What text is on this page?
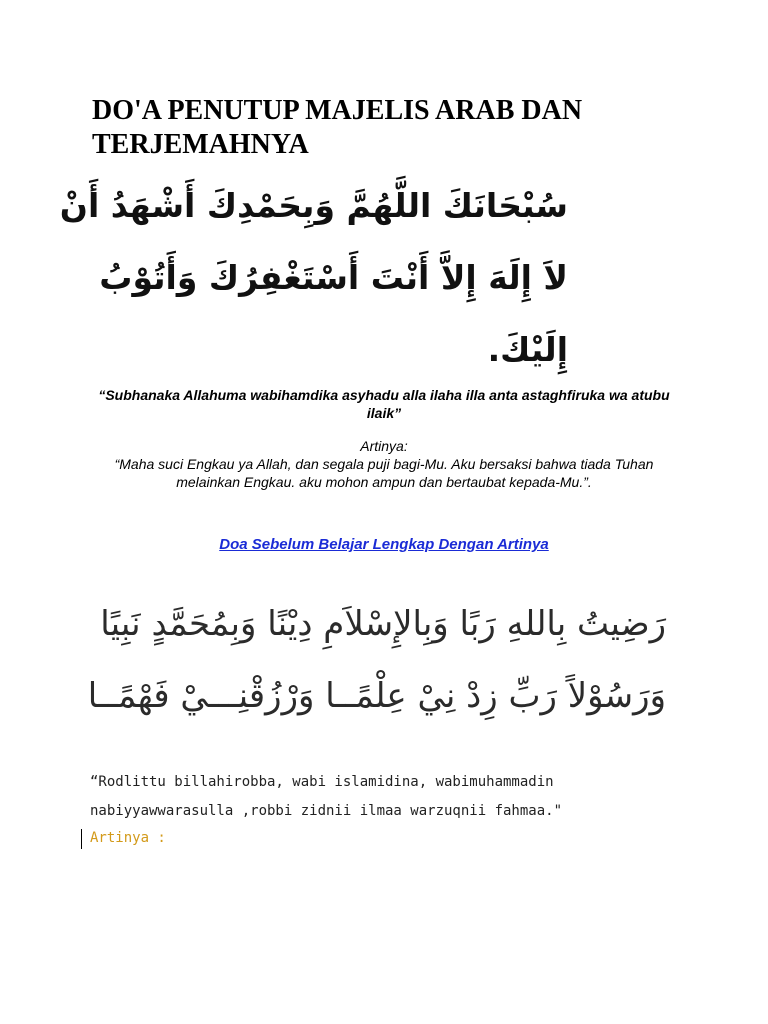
DO'A PENUTUP MAJELIS ARAB DAN TERJEMAHNYA
سُبْحَانَكَ اللَّهُمَّ وَبِحَمْدِكَ أَشْهَدُ أَنْ
لاَ إِلَهَ إِلاَّ أَنْتَ أَسْتَغْفِرُكَ وَأَتُوْبُ
إِلَيْكَ.
“Subhanaka Allahuma wabihamdika asyhadu alla ilaha illa anta astaghfiruka wa atubu ilaik”
Artinya:
“Maha suci Engkau ya Allah, dan segala puji bagi-Mu. Aku bersaksi bahwa tiada Tuhan melainkan Engkau. aku mohon ampun dan bertaubat kepada-Mu.”.
Doa Sebelum Belajar Lengkap Dengan Artinya
رَضِيتُ بِاللهِ رَبًا وَبِالإِسْلاَمِ دِيْنًا وَبِمُحَمَّدٍ نَبِيًا
وَرَسُوْلاً رَبِّ زِدْ نِيْ عِلْمًــا وَرْزُقْنِـــيْ فَهْمًــا
“Rodlittu billahirobba, wabi islamidina, wabimuhammadin nabiyyawwarasulla ,robbi zidnii ilmaa warzuqnii fahmaa."
Artinya :
